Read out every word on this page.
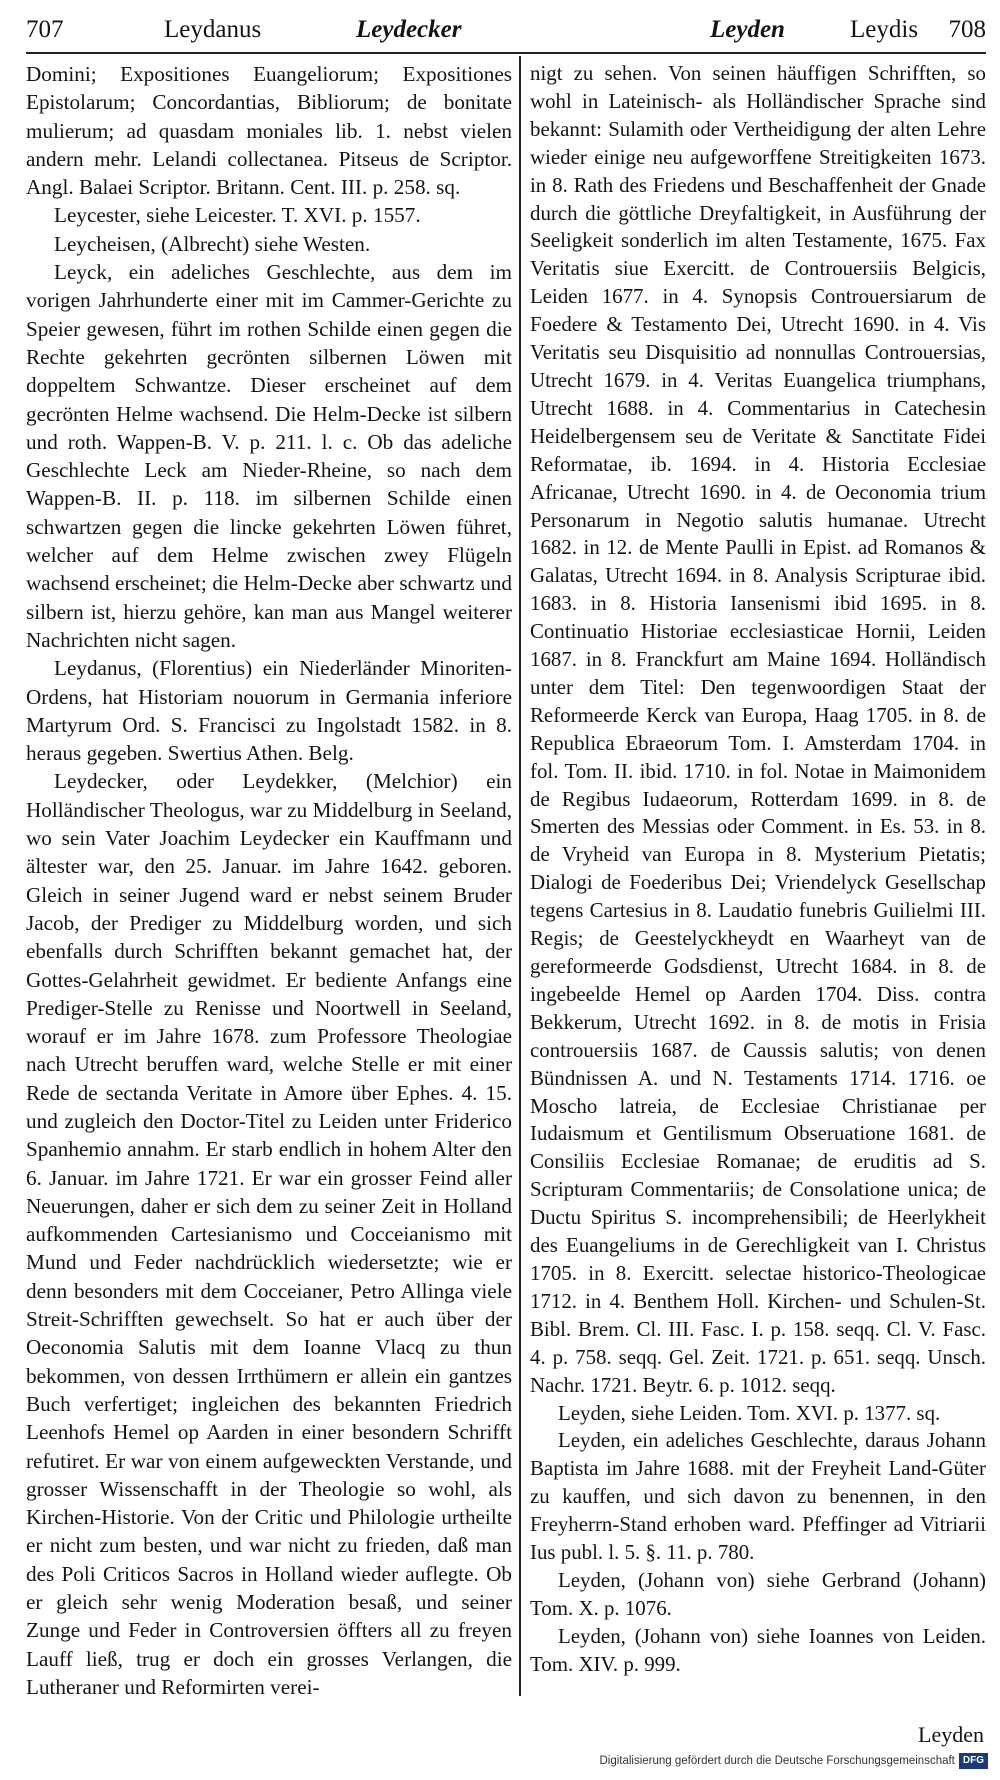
707	Leydanus	Leydecker	Leyden	Leydis 708

Domini; Expositiones Euangeliorum; Expositiones Epistolarum; Concordantias, Bibliorum; de bonitate mulierum; ad quasdam moniales lib. 1. nebst vielen andern mehr. Lelandi collectanea. Pitseus de Scriptor. Angl. Balaei Scriptor. Britann. Cent. III. p. 258. sq.

Leycester, siehe Leicester. T. XVI. p. 1557.

Leycheisen, (Albrecht) siehe Westen.

Leyck, ein adeliches Geschlechte, aus dem im vorigen Jahrhunderte einer mit im Cammer-Gerichte zu Speier gewesen, führt im rothen Schilde einen gegen die Rechte gekehrten gecrönten silbernen Löwen mit doppeltem Schwantze. Dieser erscheinet auf dem gecrönten Helme wachsend. Die Helm-Decke ist silbern und roth. Wappen-B. V. p. 211. l. c. Ob das adeliche Geschlechte Leck am Nieder-Rheine, so nach dem Wappen-B. II. p. 118. im silbernen Schilde einen schwartzen gegen die lincke gekehrten Löwen führet, welcher auf dem Helme zwischen zwey Flügeln wachsend erscheinet; die Helm-Decke aber schwartz und silbern ist, hierzu gehöre, kan man aus Mangel weiterer Nachrichten nicht sagen.

Leydanus, (Florentius) ein Niederländer Minoriten-Ordens, hat Historiam nouorum in Germania inferiore Martyrum Ord. S. Francisci zu Ingolstadt 1582. in 8. heraus gegeben. Swertius Athen. Belg.

Leydecker, oder Leydekker, (Melchior) ein Holländischer Theologus, war zu Middelburg in Seeland, wo sein Vater Joachim Leydecker ein Kauffmann und ältester war, den 25. Januar. im Jahre 1642. geboren. Gleich in seiner Jugend ward er nebst seinem Bruder Jacob, der Prediger zu Middelburg worden, und sich ebenfalls durch Schrifften bekannt gemachet hat, der Gottes-Gelahrheit gewidmet. Er bediente Anfangs eine Prediger-Stelle zu Renisse und Noortwell in Seeland, worauf er im Jahre 1678. zum Professore Theologiae nach Utrecht beruffen ward, welche Stelle er mit einer Rede de sectanda Veritate in Amore über Ephes. 4. 15. und zugleich den Doctor-Titel zu Leiden unter Friderico Spanhemio annahm. Er starb endlich in hohem Alter den 6. Januar. im Jahre 1721. Er war ein grosser Feind aller Neuerungen, daher er sich dem zu seiner Zeit in Holland aufkommenden Cartesianismo und Cocceianismo mit Mund und Feder nachdrücklich wiedersetzte; wie er denn besonders mit dem Cocceianer, Petro Allinga viele Streit-Schrifften gewechselt. So hat er auch über der Oeconomia Salutis mit dem Ioanne Vlacq zu thun bekommen, von dessen Irrthümern er allein ein gantzes Buch verfertiget; ingleichen des bekannten Friedrich Leenhofs Hemel op Aarden in einer besondern Schrifft refutiret. Er war von einem aufgeweckten Verstande, und grosser Wissenschafft in der Theologie so wohl, als Kirchen-Historie. Von der Critic und Philologie urtheilte er nicht zum besten, und war nicht zu frieden, daß man des Poli Criticos Sacros in Holland wieder auflegte. Ob er gleich sehr wenig Moderation besaß, und seiner Zunge und Feder in Controversien öffters all zu freyen Lauff ließ, trug er doch ein grosses Verlangen, die Lutheraner und Reformirten verei-

nigt zu sehen. Von seinen häuffigen Schrifften, so wohl in Lateinisch- als Holländischer Sprache sind bekannt: Sulamith oder Vertheidigung der alten Lehre wieder einige neu aufgeworffene Streitigkeiten 1673. in 8. Rath des Friedens und Beschaffenheit der Gnade durch die göttliche Dreyfaltigkeit, in Ausführung der Seeligkeit sonderlich im alten Testamente, 1675. Fax Veritatis siue Exercitt. de Controuersiis Belgicis, Leiden 1677. in 4. Synopsis Controuersiarum de Foedere & Testamento Dei, Utrecht 1690. in 4. Vis Veritatis seu Disquisitio ad nonnullas Controuersias, Utrecht 1679. in 4. Veritas Euangelica triumphans, Utrecht 1688. in 4. Commentarius in Catechesin Heidelbergensem seu de Veritate & Sanctitate Fidei Reformatae, ib. 1694. in 4. Historia Ecclesiae Africanae, Utrecht 1690. in 4. de Oeconomia trium Personarum in Negotio salutis humanae. Utrecht 1682. in 12. de Mente Paulli in Epist. ad Romanos & Galatas, Utrecht 1694. in 8. Analysis Scripturae ibid. 1683. in 8. Historia Iansenismi ibid 1695. in 8. Continuatio Historiae ecclesiasticae Hornii, Leiden 1687. in 8. Franckfurt am Maine 1694. Holländisch unter dem Titel: Den tegenwoordigen Staat der Reformeerde Kerck van Europa, Haag 1705. in 8. de Republica Ebraeorum Tom. I. Amsterdam 1704. in fol. Tom. II. ibid. 1710. in fol. Notae in Maimonidem de Regibus Iudaeorum, Rotterdam 1699. in 8. de Smerten des Messias oder Comment. in Es. 53. in 8. de Vryheid van Europa in 8. Mysterium Pietatis; Dialogi de Foederibus Dei; Vriendelyck Gesellschap tegens Cartesius in 8. Laudatio funebris Guilielmi III. Regis; de Geestelyckheydt en Waarheyt van de gereformeerde Godsdienst, Utrecht 1684. in 8. de ingebeelde Hemel op Aarden 1704. Diss. contra Bekkerum, Utrecht 1692. in 8. de motis in Frisia controuersiis 1687. de Caussis salutis; von denen Bündnissen A. und N. Testaments 1714. 1716. oe Moscho latreia, de Ecclesiae Christianae per Iudaismum et Gentilismum Obseruatione 1681. de Consiliis Ecclesiae Romanae; de eruditis ad S. Scripturam Commentariis; de Consolatione unica; de Ductu Spiritus S. incomprehensibili; de Heerlykheit des Euangeliums in de Gerechligkeit van I. Christus 1705. in 8. Exercitt. selectae historico-Theologicae 1712. in 4. Benthem Holl. Kirchen- und Schulen-St. Bibl. Brem. Cl. III. Fasc. I. p. 158. seqq. Cl. V. Fasc. 4. p. 758. seqq. Gel. Zeit. 1721. p. 651. seqq. Unsch. Nachr. 1721. Beytr. 6. p. 1012. seqq.

Leyden, siehe Leiden. Tom. XVI. p. 1377. sq.

Leyden, ein adeliches Geschlechte, daraus Johann Baptista im Jahre 1688. mit der Freyheit Land-Güter zu kauffen, und sich davon zu benennen, in den Freyherrn-Stand erhoben ward. Pfeffinger ad Vitriarii Ius publ. l. 5. §. 11. p. 780.

Leyden, (Johann von) siehe Gerbrand (Johann) Tom. X. p. 1076.

Leyden, (Johann von) siehe Ioannes von Leiden. Tom. XIV. p. 999.

Leyden
Digitalisierung gefördert durch die Deutsche Forschungsgemeinschaft DFG
